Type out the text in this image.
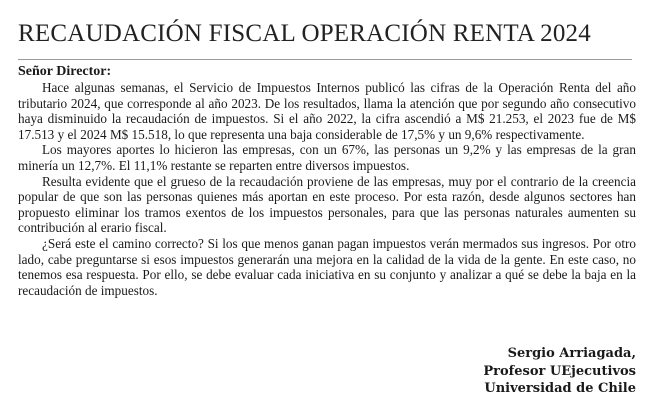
RECAUDACIÓN FISCAL OPERACIÓN RENTA 2024

Señor Director:

Hace algunas semanas, el Servicio de Impuestos Internos publicó las cifras de la Operación Renta del año tributario 2024, que corresponde al año 2023. De los resultados, llama la atención que por segundo año consecutivo haya disminuido la recaudación de impuestos. Si el año 2022, la cifra ascendió a M$ 21.253, el 2023 fue de M$ 17.513 y el 2024 M$ 15.518, lo que representa una baja considerable de 17,5% y un 9,6% respectivamente.

Los mayores aportes lo hicieron las empresas, con un 67%, las personas un 9,2% y las empresas de la gran minería un 12,7%. El 11,1% restante se reparten entre diversos impuestos.

Resulta evidente que el grueso de la recaudación proviene de las empresas, muy por el contrario de la creencia popular de que son las personas quienes más aportan en este proceso. Por esta razón, desde algunos sectores han propuesto eliminar los tramos exentos de los impuestos personales, para que las personas naturales aumenten su contribución al erario fiscal.

¿Será este el camino correcto? Si los que menos ganan pagan impuestos verán mermados sus ingresos. Por otro lado, cabe preguntarse si esos impuestos generarán una mejora en la calidad de la vida de la gente. En este caso, no tenemos esa respuesta. Por ello, se debe evaluar cada iniciativa en su conjunto y analizar a qué se debe la baja en la recaudación de impuestos.

Sergio Arriagada,
Profesor UEjecutivos
Universidad de Chile
